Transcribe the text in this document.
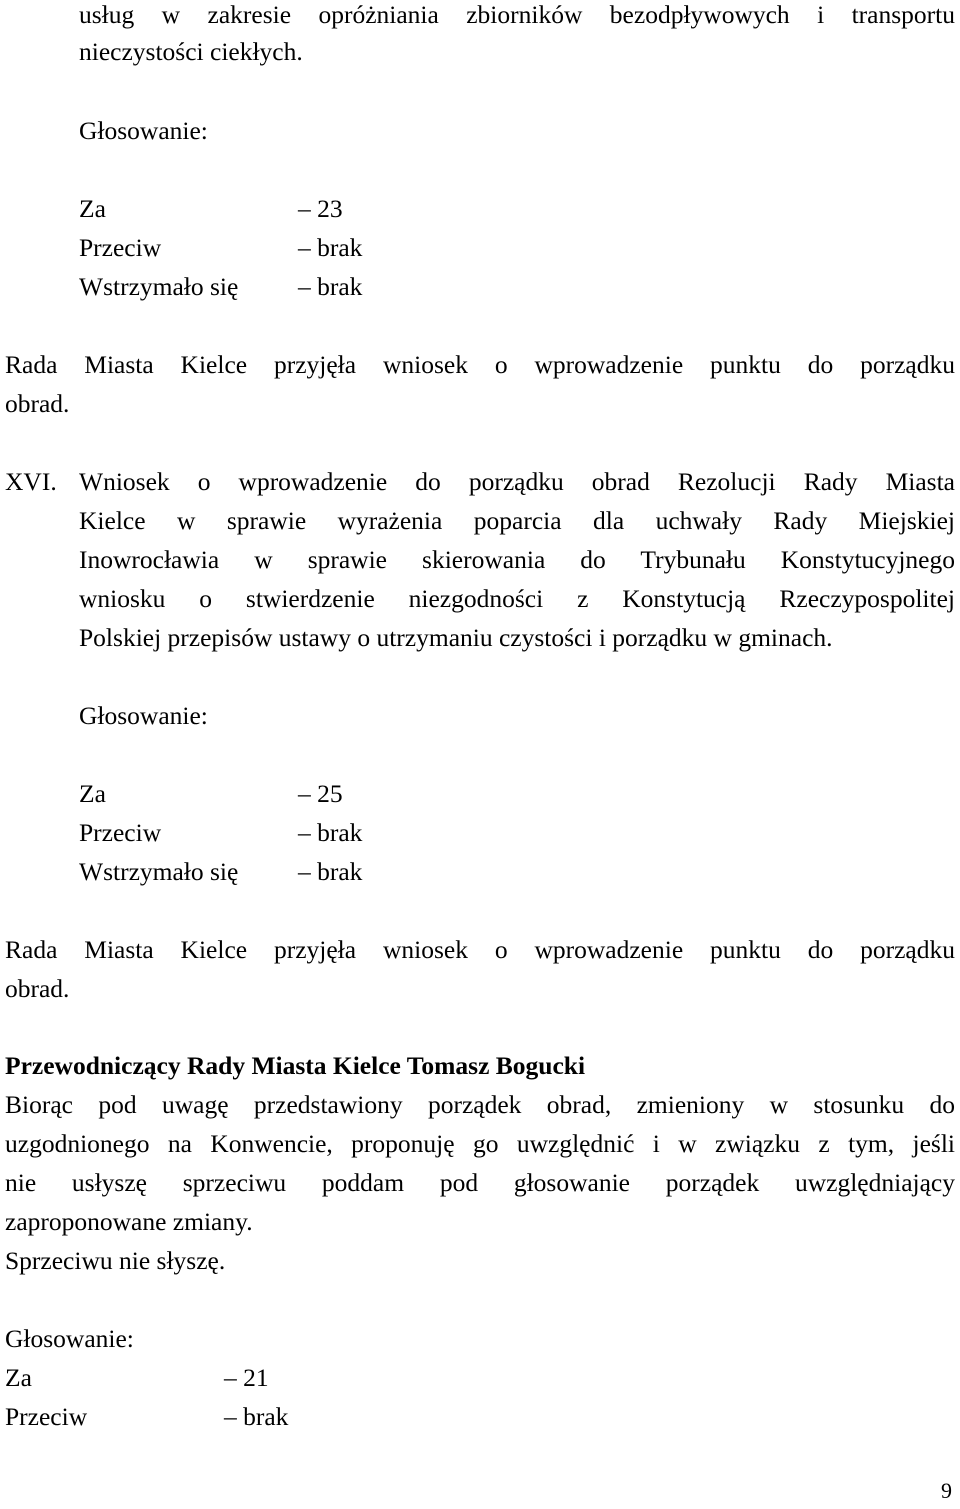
usług w zakresie opróżniania zbiorników bezodpływowych i transportu
nieczystości ciekłych.
Głosowanie:
Za	– 23
Przeciw	– brak
Wstrzymało się – brak
Rada Miasta Kielce przyjęła wniosek o wprowadzenie punktu do porządku
obrad.
XVI. Wniosek o wprowadzenie do porządku obrad Rezolucji Rady Miasta
Kielce w sprawie wyrażenia poparcia dla uchwały Rady Miejskiej
Inowrocławia w sprawie skierowania do Trybunału Konstytucyjnego
wniosku o stwierdzenie niezgodności z Konstytucją Rzeczypospolitej
Polskiej przepisów ustawy o utrzymaniu czystości i porządku w gminach.
Głosowanie:
Za	– 25
Przeciw	– brak
Wstrzymało się – brak
Rada Miasta Kielce przyjęła wniosek o wprowadzenie punktu do porządku
obrad.
Przewodniczący Rady Miasta Kielce Tomasz Bogucki
Biorąc pod uwagę przedstawiony porządek obrad, zmieniony w stosunku do
uzgodnionego na Konwencie, proponuję go uwzględnić i w związku z tym, jeśli
nie usłyszę sprzeciwu poddam pod głosowanie porządek uwzględniający
zaproponowane zmiany.
Sprzeciwu nie słyszę.
Głosowanie:
Za	– 21
Przeciw	– brak
9
